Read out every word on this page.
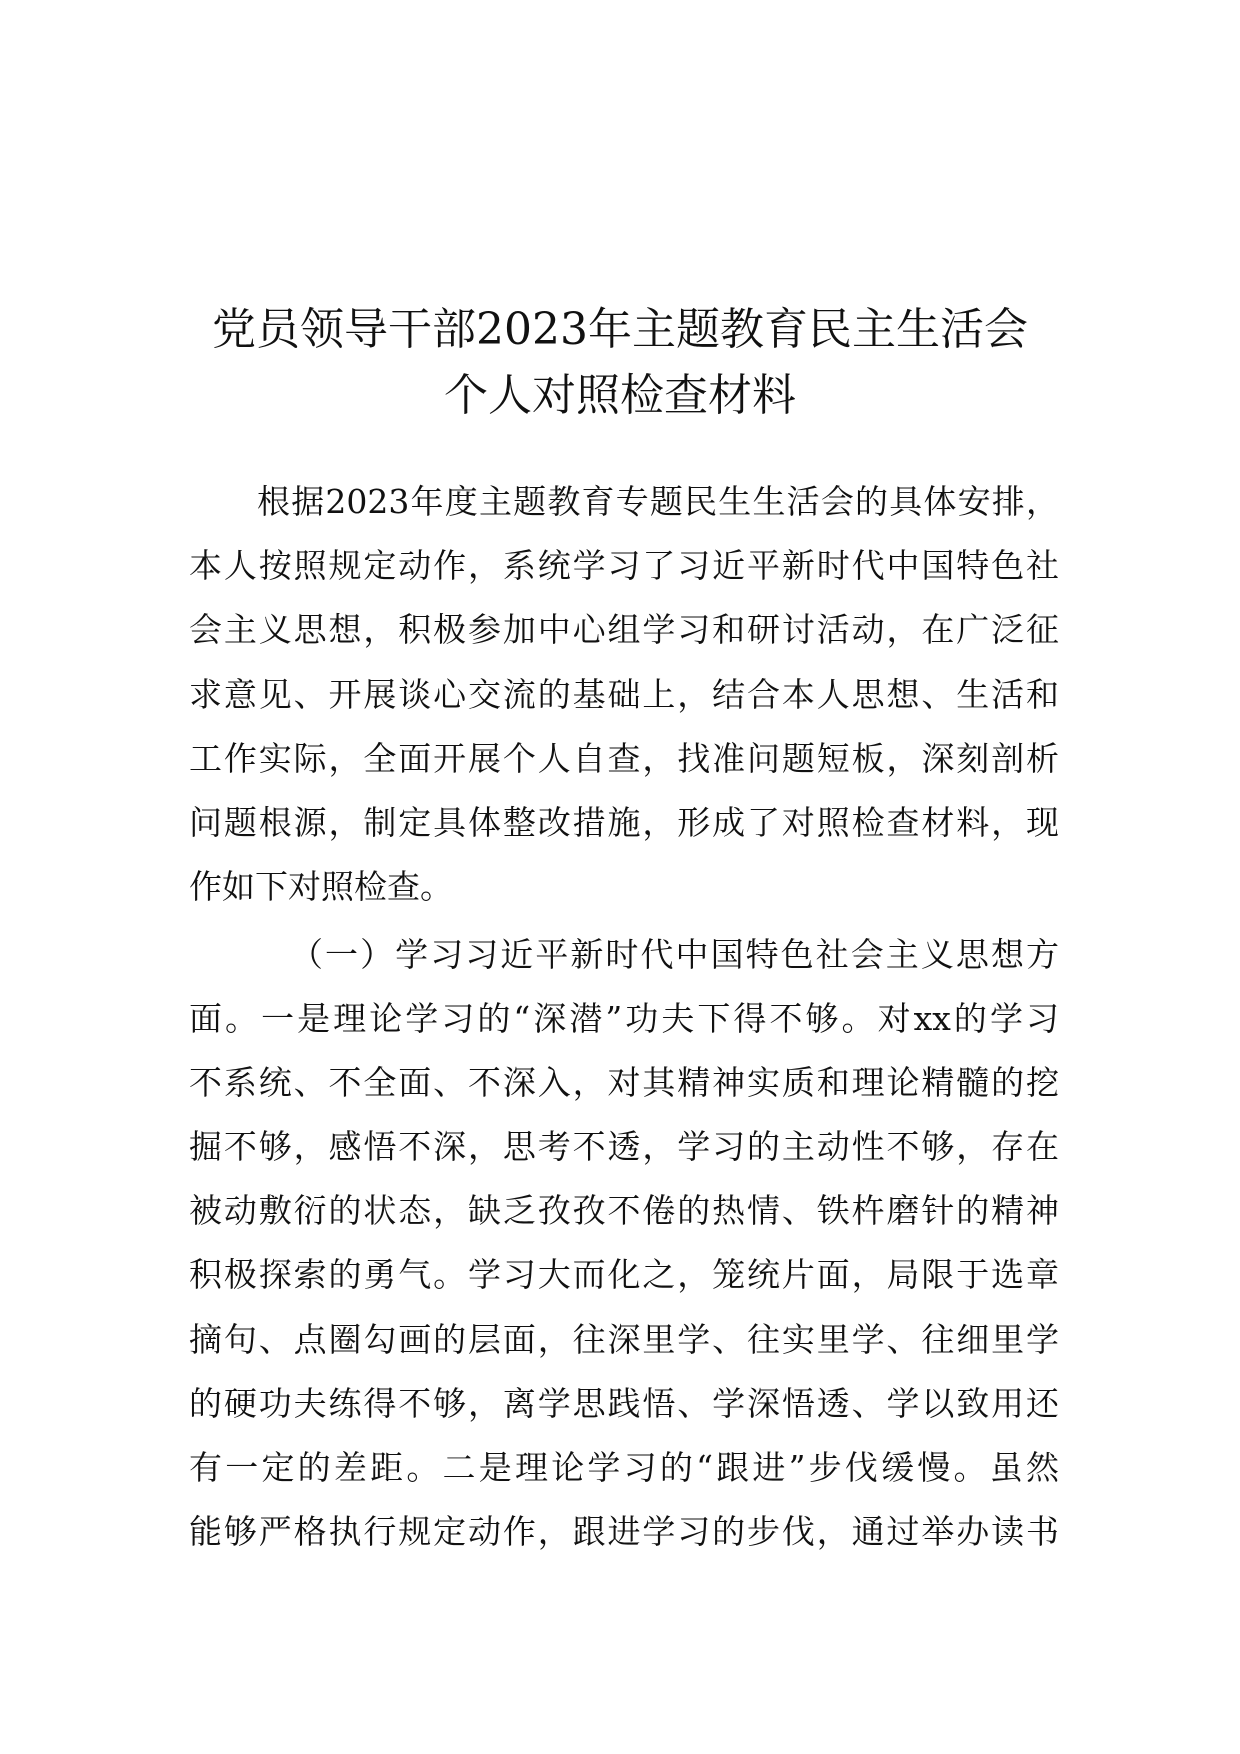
党员领导干部2023年主题教育民主生活会
个人对照检查材料
根据2023年度主题教育专题民生生活会的具体安排，
本人按照规定动作，系统学习了习近平新时代中国特色社
会主义思想，积极参加中心组学习和研讨活动，在广泛征
求意见、开展谈心交流的基础上，结合本人思想、生活和
工作实际，全面开展个人自查，找准问题短板，深刻剖析
问题根源，制定具体整改措施，形成了对照检查材料，现
作如下对照检查。
（一）学习习近平新时代中国特色社会主义思想方
面。一是理论学习的“深潜”功夫下得不够。对xx的学习
不系统、不全面、不深入，对其精神实质和理论精髓的挖
掘不够，感悟不深，思考不透，学习的主动性不够，存在
被动敷衍的状态，缺乏孜孜不倦的热情、铁杵磨针的精神
积极探索的勇气。学习大而化之，笼统片面，局限于选章
摘句、点圈勾画的层面，往深里学、往实里学、往细里学
的硬功夫练得不够，离学思践悟、学深悟透、学以致用还
有一定的差距。二是理论学习的“跟进”步伐缓慢。虽然
能够严格执行规定动作，跟进学习的步伐，通过举办读书
